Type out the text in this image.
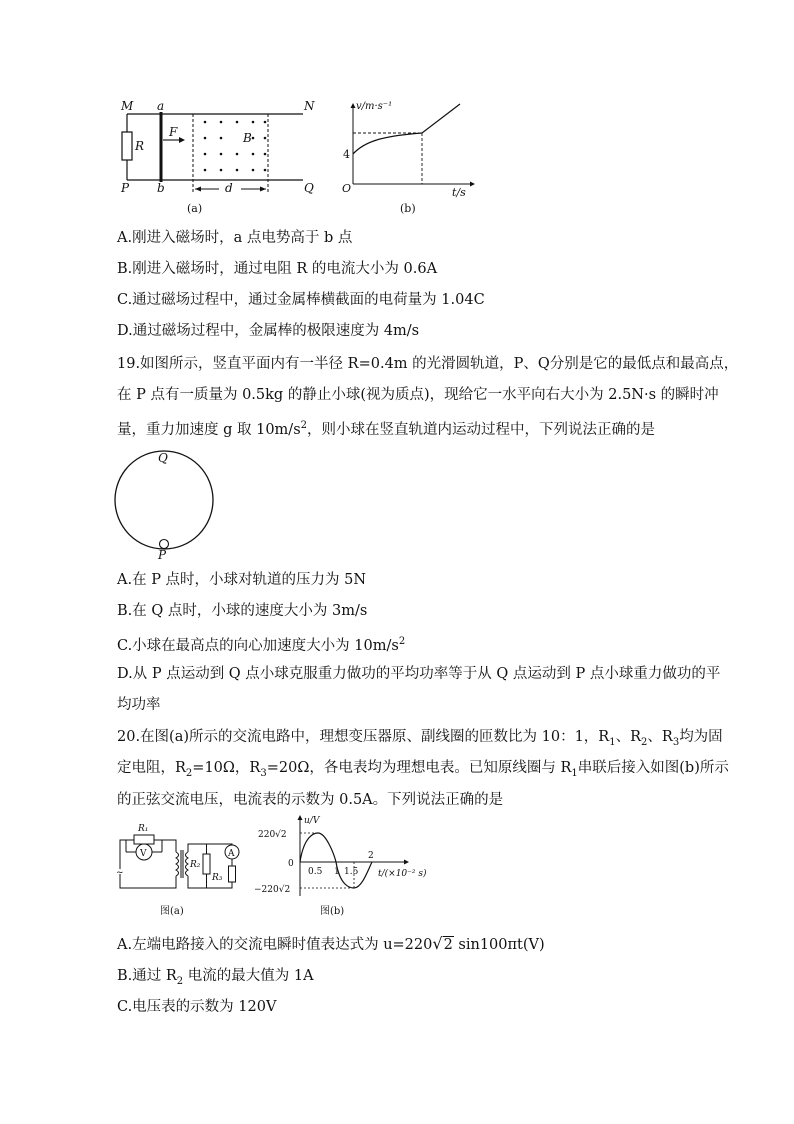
M a	N
R
F	B
P b	d	Q
(a)
v/m·s⁻¹
4
O	t/s
(b)
A.刚进入磁场时，a 点电势高于 b 点
B.刚进入磁场时，通过电阻 R 的电流大小为 0.6A
C.通过磁场过程中，通过金属棒横截面的电荷量为 1.04C
D.通过磁场过程中，金属棒的极限速度为 4m/s
19.如图所示，竖直平面内有一半径 R=0.4m 的光滑圆轨道，P、Q分别是它的最低点和最高点，
在 P 点有一质量为 0.5kg 的静止小球(视为质点)，现给它一水平向右大小为 2.5N·s 的瞬时冲
量，重力加速度 g 取 $10m/s^2$，则小球在竖直轨道内运动过程中，下列说法正确的是
Q
P
A.在 P 点时，小球对轨道的压力为 5N
B.在 Q 点时，小球的速度大小为 3m/s
C.小球在最高点的向心加速度大小为 $10m/s^2$
D.从 P 点运动到 Q 点小球克服重力做功的平均功率等于从 Q 点运动到 P 点小球重力做功的平
均功率
20.在图(a)所示的交流电路中，理想变压器原、副线圈的匝数比为 10：1，$R_1$、$R_2$、$R_3$均为固
定电阻，$R_2=10\Omega$，$R_3=20\Omega$，各电表均为理想电表。已知原线圈与 $R_1$串联后接入如图(b)所示
的正弦交流电压，电流表的示数为 0.5A。下列说法正确的是
~
R₁
V
R₂
A
R₃
图(a)
u/V
220√2
0
−220√2
0.5 1 1.5
2
t/(×10⁻² s)
图(b)
A.左端电路接入的交流电瞬时值表达式为 u=220√2 sin100πt(V)
B.通过 $R_2$ 电流的最大值为 1A
C.电压表的示数为 120V
